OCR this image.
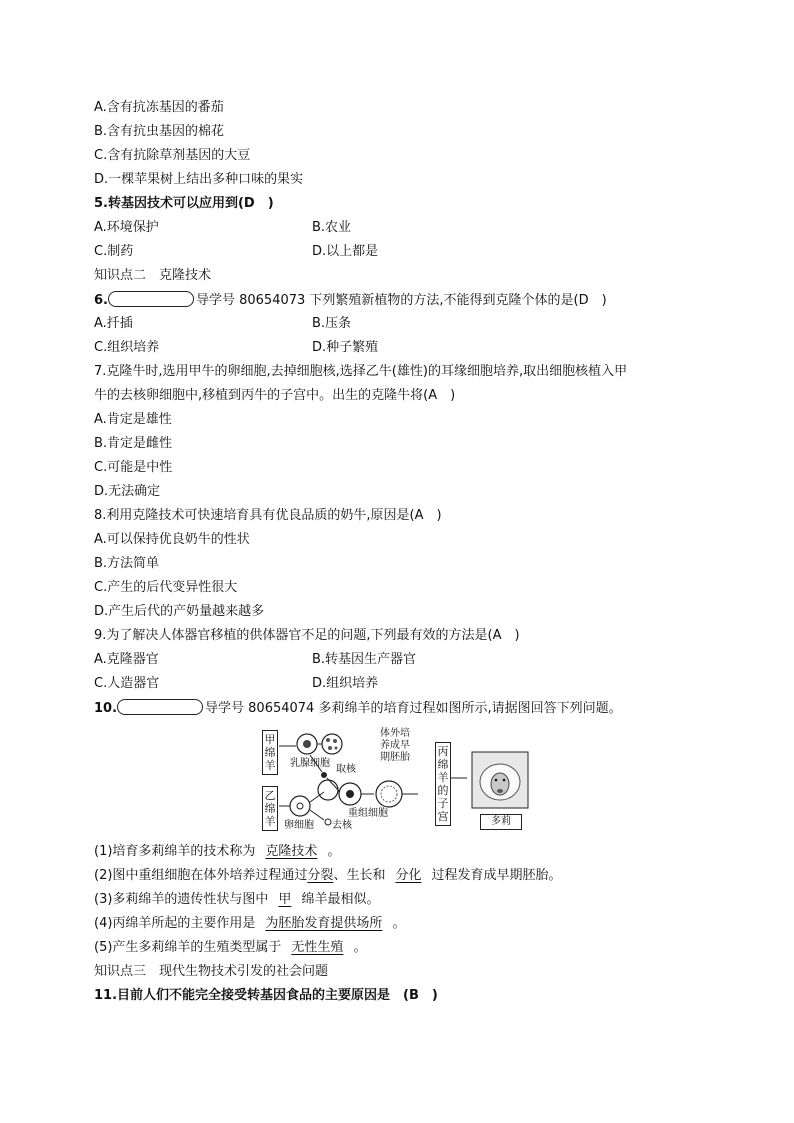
A.含有抗冻基因的番茄
B.含有抗虫基因的棉花
C.含有抗除草剂基因的大豆
D.一棵苹果树上结出多种口味的果实
5.转基因技术可以应用到(D　)
A.环境保护	B.农业
C.制药	D.以上都是
知识点二　克隆技术
6.	导学号 80654073 下列繁殖新植物的方法,不能得到克隆个体的是(D　)
A.扦插	B.压条
C.组织培养	D.种子繁殖
7.克隆牛时,选用甲牛的卵细胞,去掉细胞核,选择乙牛(雄性)的耳缘细胞培养,取出细胞核植入甲
牛的去核卵细胞中,移植到丙牛的子宫中。出生的克隆牛将(A　)
A.肯定是雄性
B.肯定是雌性
C.可能是中性
D.无法确定
8.利用克隆技术可快速培育具有优良品质的奶牛,原因是(A　)
A.可以保持优良奶牛的性状
B.方法简单
C.产生的后代变异性很大
D.产生后代的产奶量越来越多
9.为了解决人体器官移植的供体器官不足的问题,下列最有效的方法是(A　)
A.克隆器官	B.转基因生产器官
C.人造器官	D.组织培养
10.	导学号 80654074 多莉绵羊的培育过程如图所示,请据图回答下列问题。
甲绵羊
乙绵羊
丙绵羊的子宫
乳腺细胞
取核
重组细胞
去核
卵细胞
体外培
养成早
期胚胎
多莉
(1)培育多莉绵羊的技术称为 克隆技术 。
(2)图中重组细胞在体外培养过程通过分裂、生长和 分化 过程发育成早期胚胎。
(3)多莉绵羊的遗传性状与图中 甲 绵羊最相似。
(4)丙绵羊所起的主要作用是 为胚胎发育提供场所 。
(5)产生多莉绵羊的生殖类型属于 无性生殖 。
知识点三　现代生物技术引发的社会问题
11.目前人们不能完全接受转基因食品的主要原因是　(B　)
